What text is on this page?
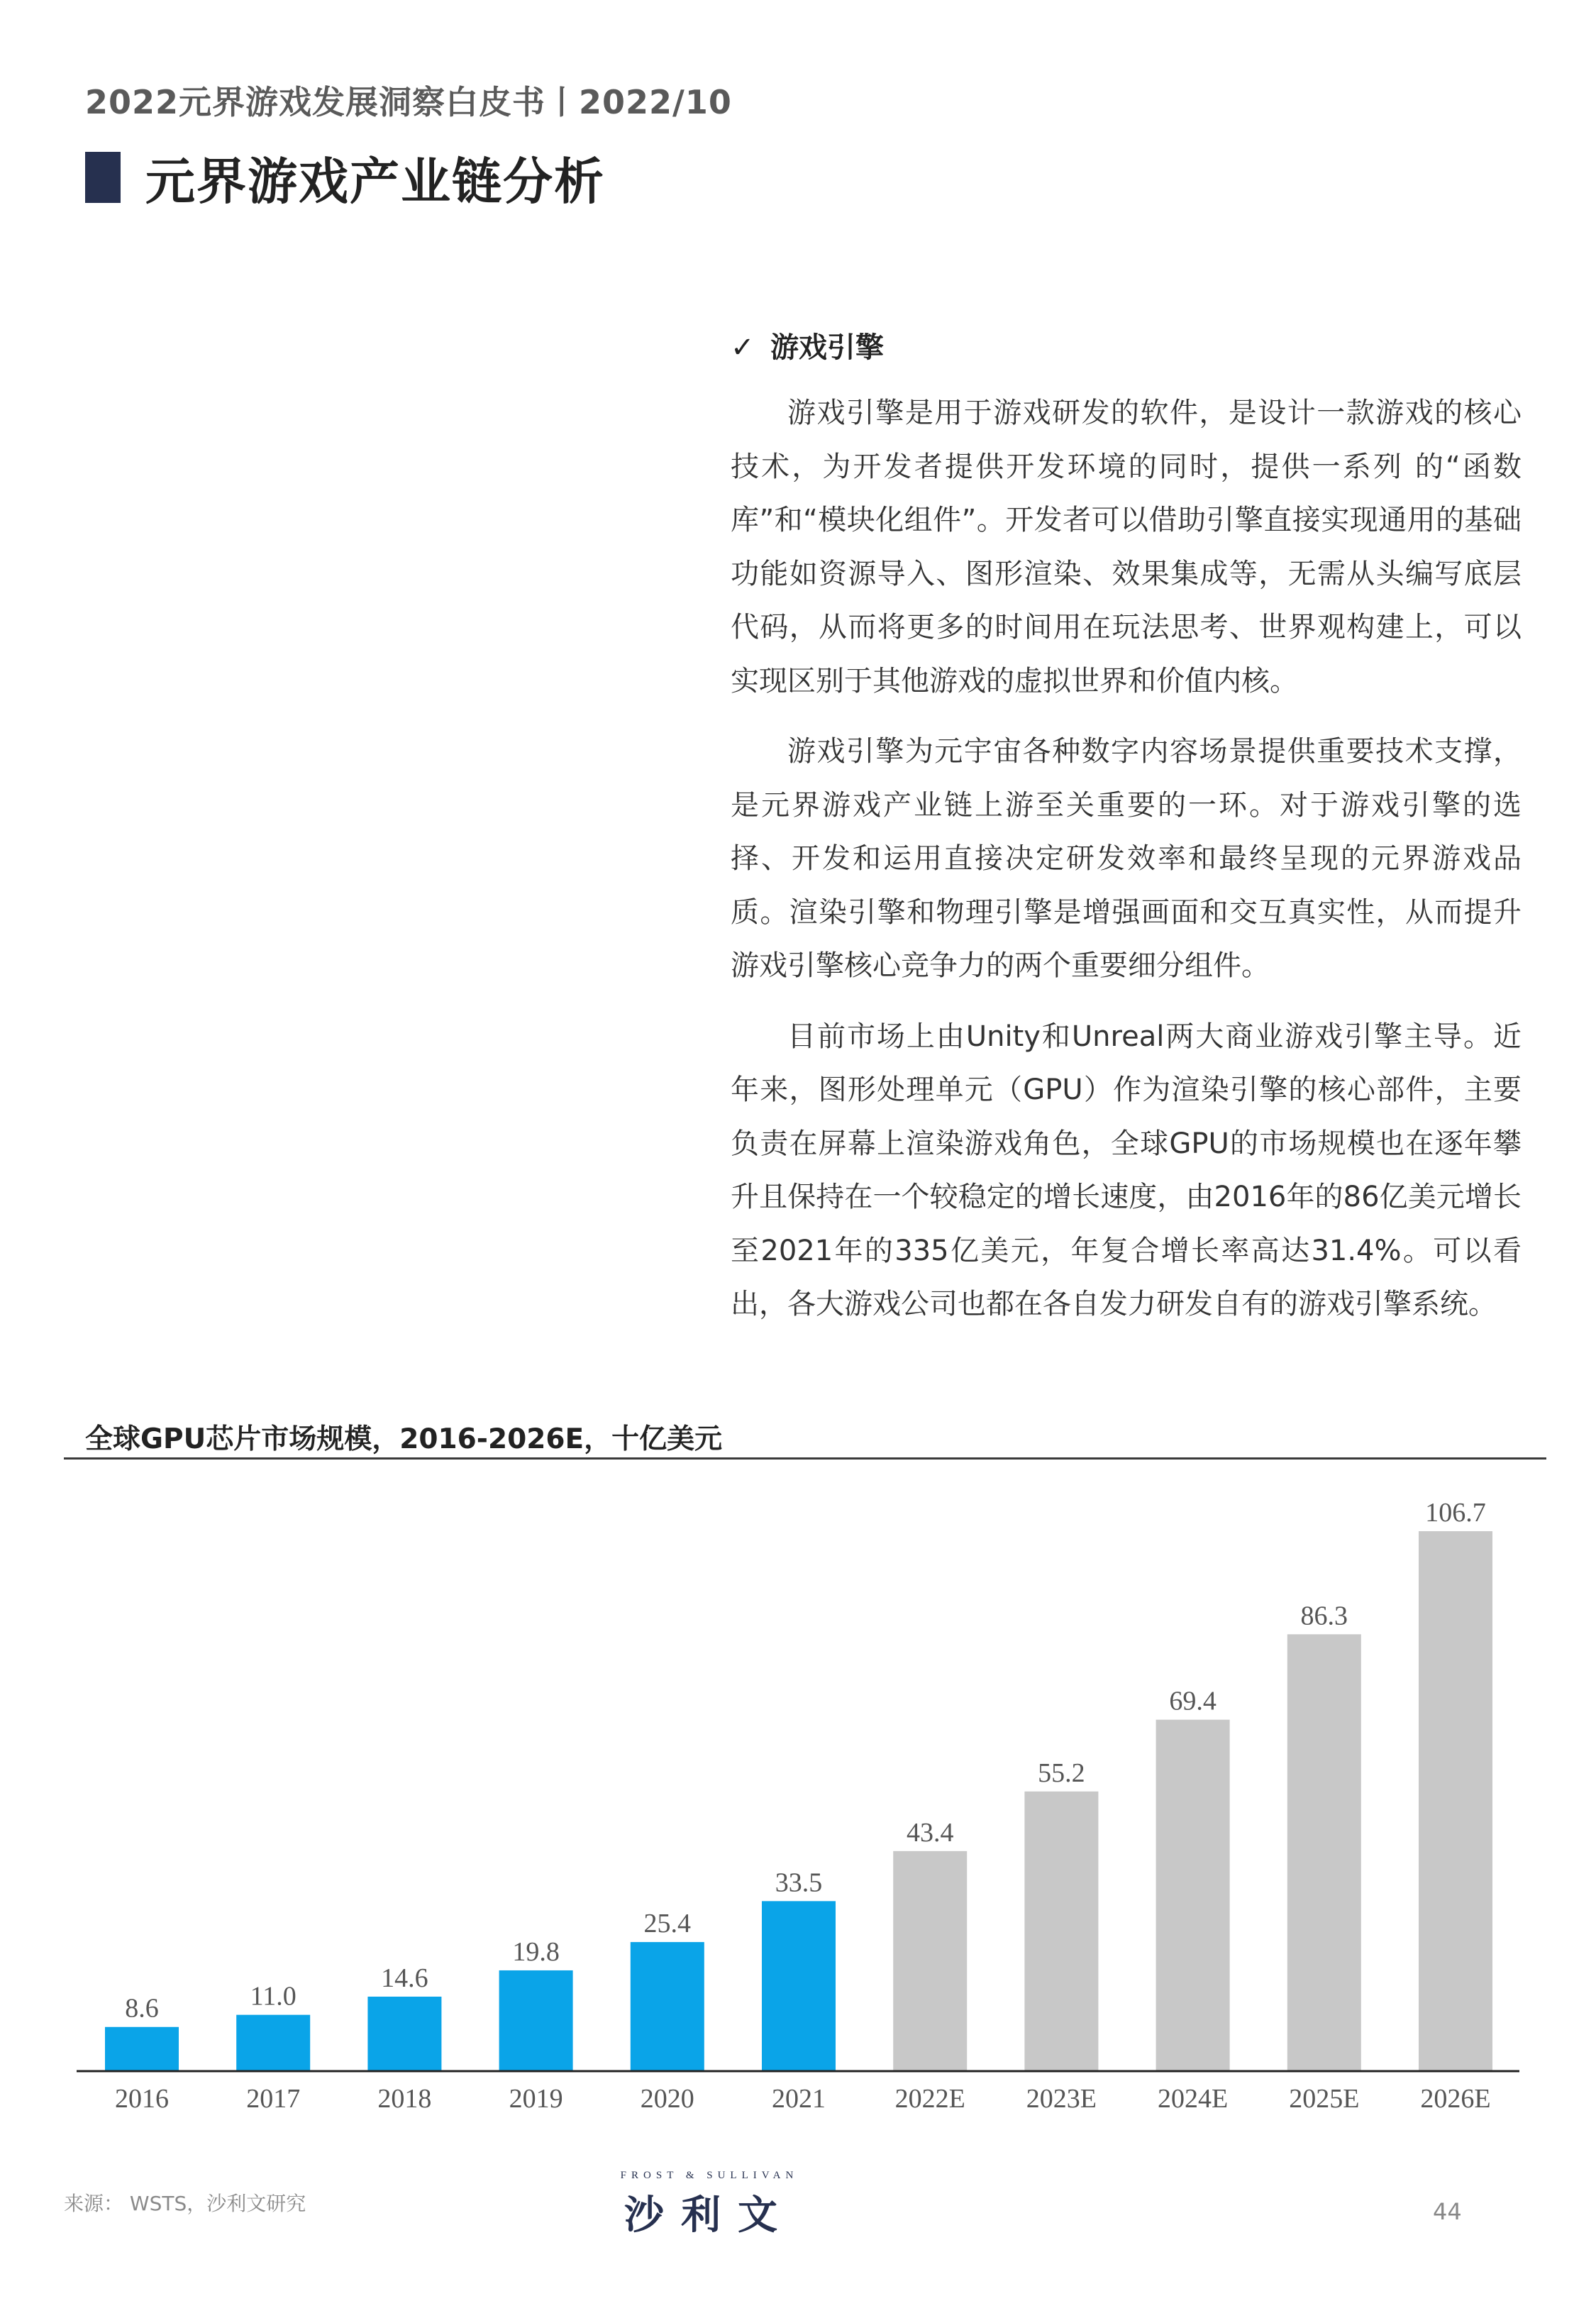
2022元界游戏发展洞察白皮书丨2022/10
元界游戏产业链分析
✓ 游戏引擎

游戏引擎是用于游戏研发的软件，是设计一款游戏的核心技术，为开发者提供开发环境的同时，提供一系列 的“函数库”和“模块化组件”。开发者可以借助引擎直接实现通用的基础功能如资源导入、图形渲染、效果集成等，无需从头编写底层代码，从而将更多的时间用在玩法思考、世界观构建上，可以实现区别于其他游戏的虚拟世界和价值内核。

游戏引擎为元宇宙各种数字内容场景提供重要技术支撑，是元界游戏产业链上游至关重要的一环。对于游戏引擎的选择、开发和运用直接决定研发效率和最终呈现的元界游戏品质。渲染引擎和物理引擎是增强画面和交互真实性，从而提升游戏引擎核心竞争力的两个重要细分组件。

目前市场上由Unity和Unreal两大商业游戏引擎主导。近年来，图形处理单元（GPU）作为渲染引擎的核心部件，主要负责在屏幕上渲染游戏角色，全球GPU的市场规模也在逐年攀升且保持在一个较稳定的增长速度，由2016年的86亿美元增长至2021年的335亿美元，年复合增长率高达31.4%。可以看出，各大游戏公司也都在各自发力研发自有的游戏引擎系统。

全球GPU芯片市场规模，2016-2026E，十亿美元
8.6
2016
11.0
2017
14.6
2018
19.8
2019
25.4
2020
33.5
2021
43.4
2022E
55.2
2023E
69.4
2024E
86.3
2025E
106.7
2026E
来源： WSTS，沙利文研究
FROST & SULLIVAN
沙利文	44
